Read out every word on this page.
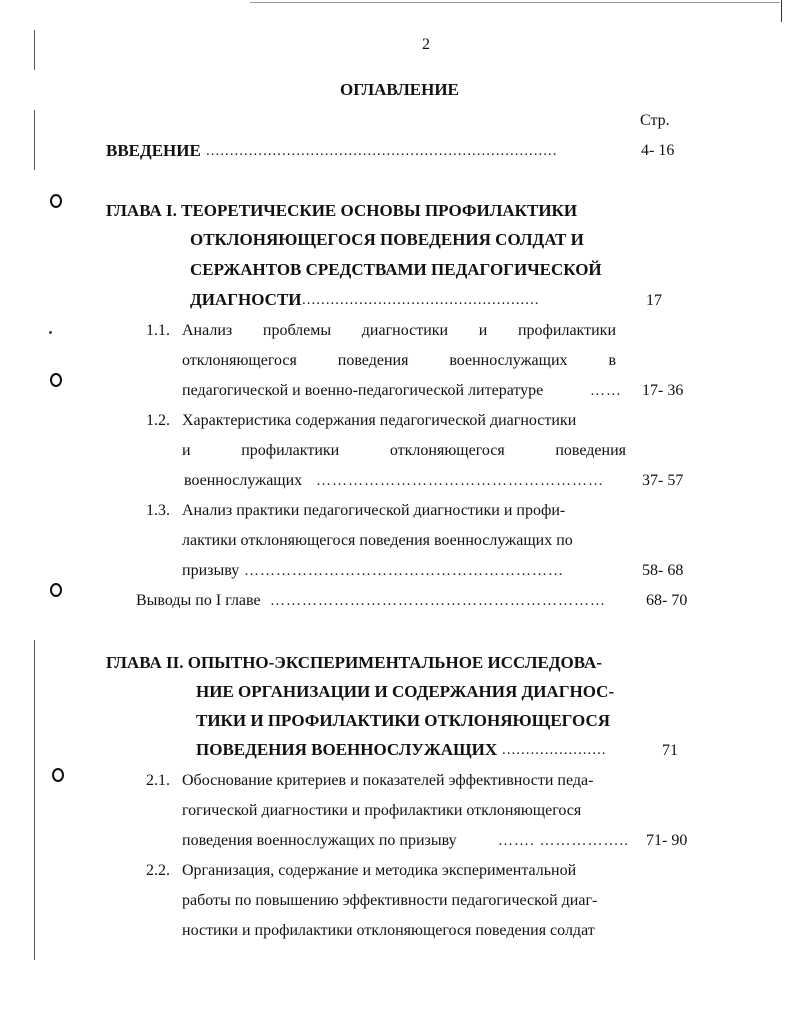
2
ОГЛАВЛЕНИЕ
Стр.
ВВЕДЕНИЕ ..........................................................................	4- 16
ГЛАВА I. ТЕОРЕТИЧЕСКИЕ ОСНОВЫ ПРОФИЛАКТИКИ
ОТКЛОНЯЮЩЕГОСЯ ПОВЕДЕНИЯ СОЛДАТ И
СЕРЖАНТОВ СРЕДСТВАМИ ПЕДАГОГИЧЕСКОЙ
ДИАГНОСТИ ..................................................	17
1.1. Анализ проблемы диагностики и профилактики
отклоняющегося поведения военнослужащих в
педагогической и военно-педагогической литературе	…… 17- 36
1.2. Характеристика содержания педагогической диагностики
и профилактики отклоняющегося поведения
военнослужащих ………………………………………………	37- 57
1.3. Анализ практики педагогической диагностики и профи-
лактики отклоняющегося поведения военнослужащих по
призыву ……………………………………………………	58- 68
Выводы по I главе ………………………………………………………	68- 70
ГЛАВА II. ОПЫТНО-ЭКСПЕРИМЕНТАЛЬНОЕ ИССЛЕДОВА-
НИЕ ОРГАНИЗАЦИИ И СОДЕРЖАНИЯ ДИАГНОС-
ТИКИ И ПРОФИЛАКТИКИ ОТКЛОНЯЮЩЕГОСЯ
ПОВЕДЕНИЯ ВОЕННОСЛУЖАЩИХ ......................	71
2.1. Обоснование критериев и показателей эффективности педа-
гогической диагностики и профилактики отклоняющегося
поведения военнослужащих по призыву	……. ……………..	71- 90
2.2. Организация, содержание и методика экспериментальной
работы по повышению эффективности педагогической диаг-
ностики и профилактики отклоняющегося поведения солдат
